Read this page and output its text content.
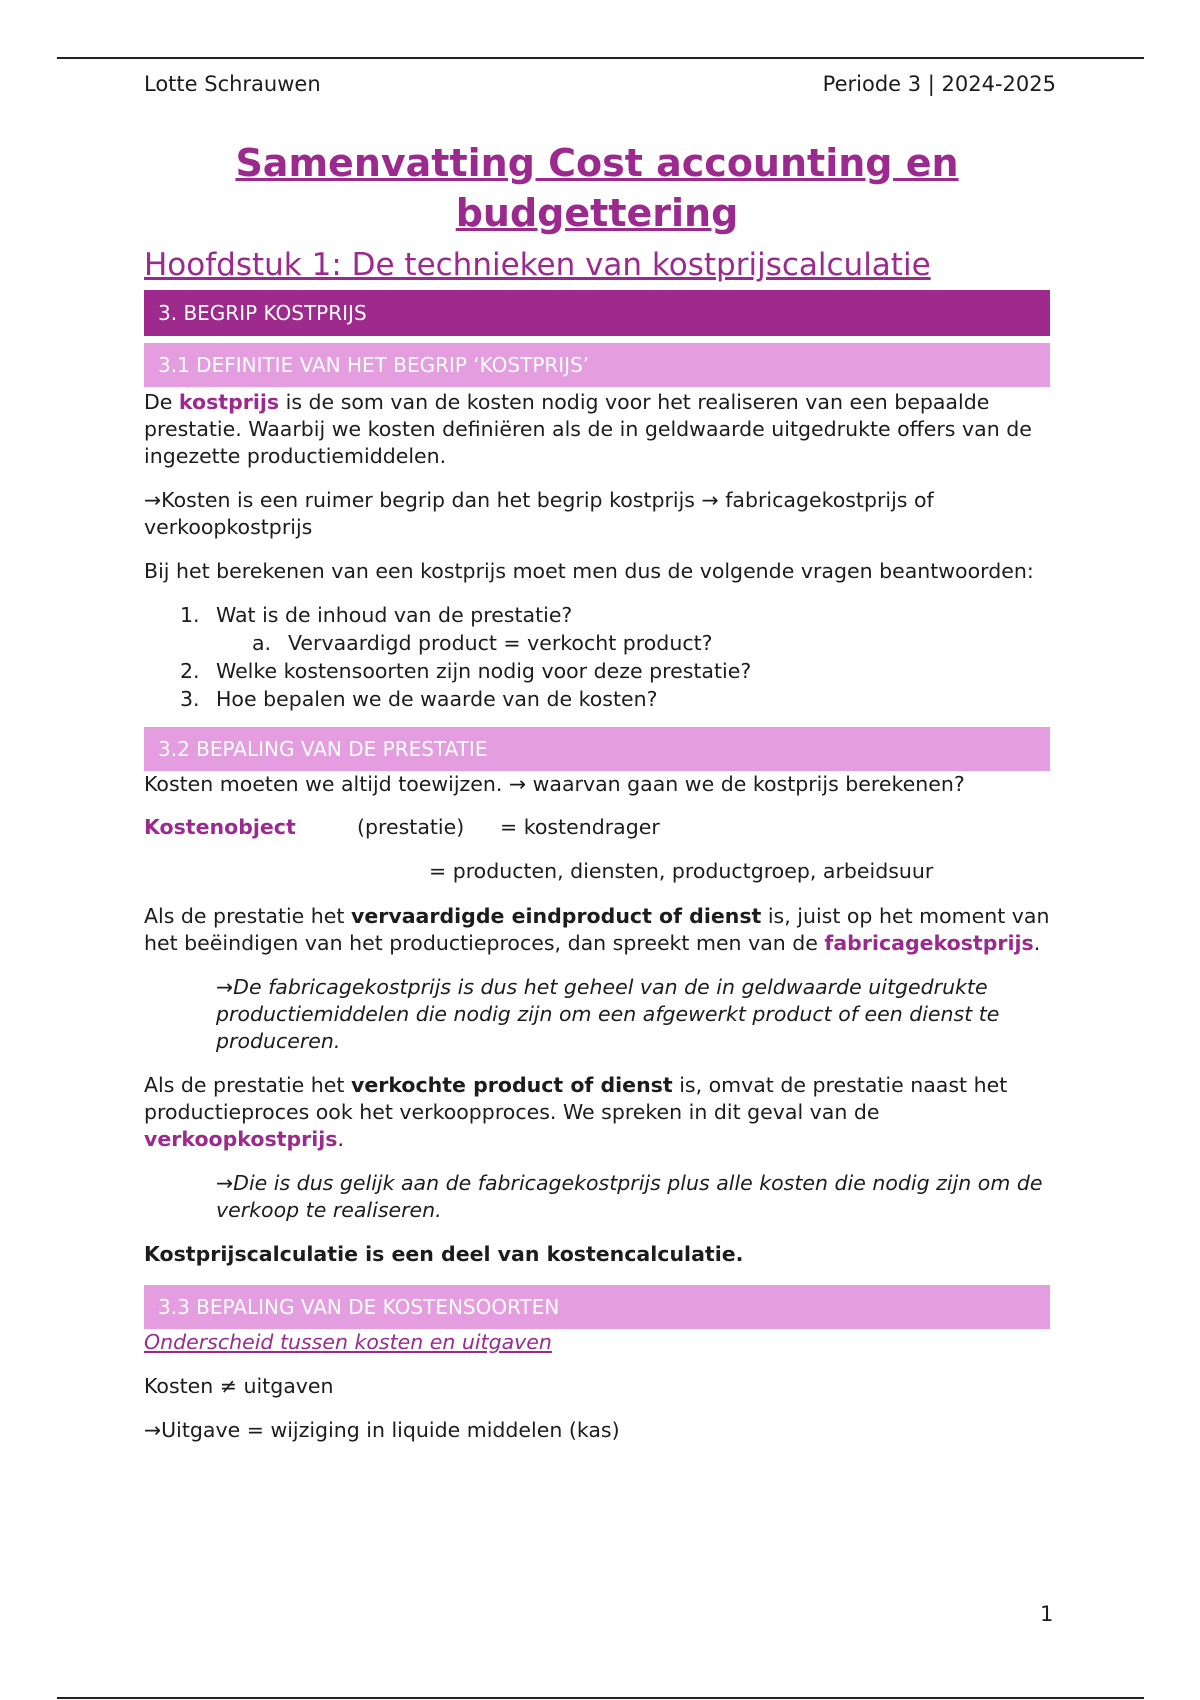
Lotte Schrauwen	Periode 3 | 2024-2025
Samenvatting Cost accounting en
budgettering
Hoofdstuk 1: De technieken van kostprijscalculatie
3. BEGRIP KOSTPRIJS
3.1 DEFINITIE VAN HET BEGRIP ‘KOSTPRIJS’

De kostprijs is de som van de kosten nodig voor het realiseren van een bepaalde prestatie. Waarbij we kosten definiëren als de in geldwaarde uitgedrukte offers van de ingezette productiemiddelen.

→Kosten is een ruimer begrip dan het begrip kostprijs → fabricagekostprijs of verkoopkostprijs

Bij het berekenen van een kostprijs moet men dus de volgende vragen beantwoorden:

1. Wat is de inhoud van de prestatie?
a. Vervaardigd product = verkocht product?
2. Welke kostensoorten zijn nodig voor deze prestatie?
3. Hoe bepalen we de waarde van de kosten?
3.2 BEPALING VAN DE PRESTATIE

Kosten moeten we altijd toewijzen. → waarvan gaan we de kostprijs berekenen?

Kostenobject	(prestatie) = kostendrager
= producten, diensten, productgroep, arbeidsuur

Als de prestatie het vervaardigde eindproduct of dienst is, juist op het moment van het beëindigen van het productieproces, dan spreekt men van de fabricagekostprijs.

→De fabricagekostprijs is dus het geheel van de in geldwaarde uitgedrukte productiemiddelen die nodig zijn om een afgewerkt product of een dienst te produceren.

Als de prestatie het verkochte product of dienst is, omvat de prestatie naast het productieproces ook het verkoopproces. We spreken in dit geval van de verkoopkostprijs.

→Die is dus gelijk aan de fabricagekostprijs plus alle kosten die nodig zijn om de verkoop te realiseren.

Kostprijscalculatie is een deel van kostencalculatie.

3.3 BEPALING VAN DE KOSTENSOORTEN

Onderscheid tussen kosten en uitgaven

Kosten ≠ uitgaven

→Uitgave = wijziging in liquide middelen (kas)

1
